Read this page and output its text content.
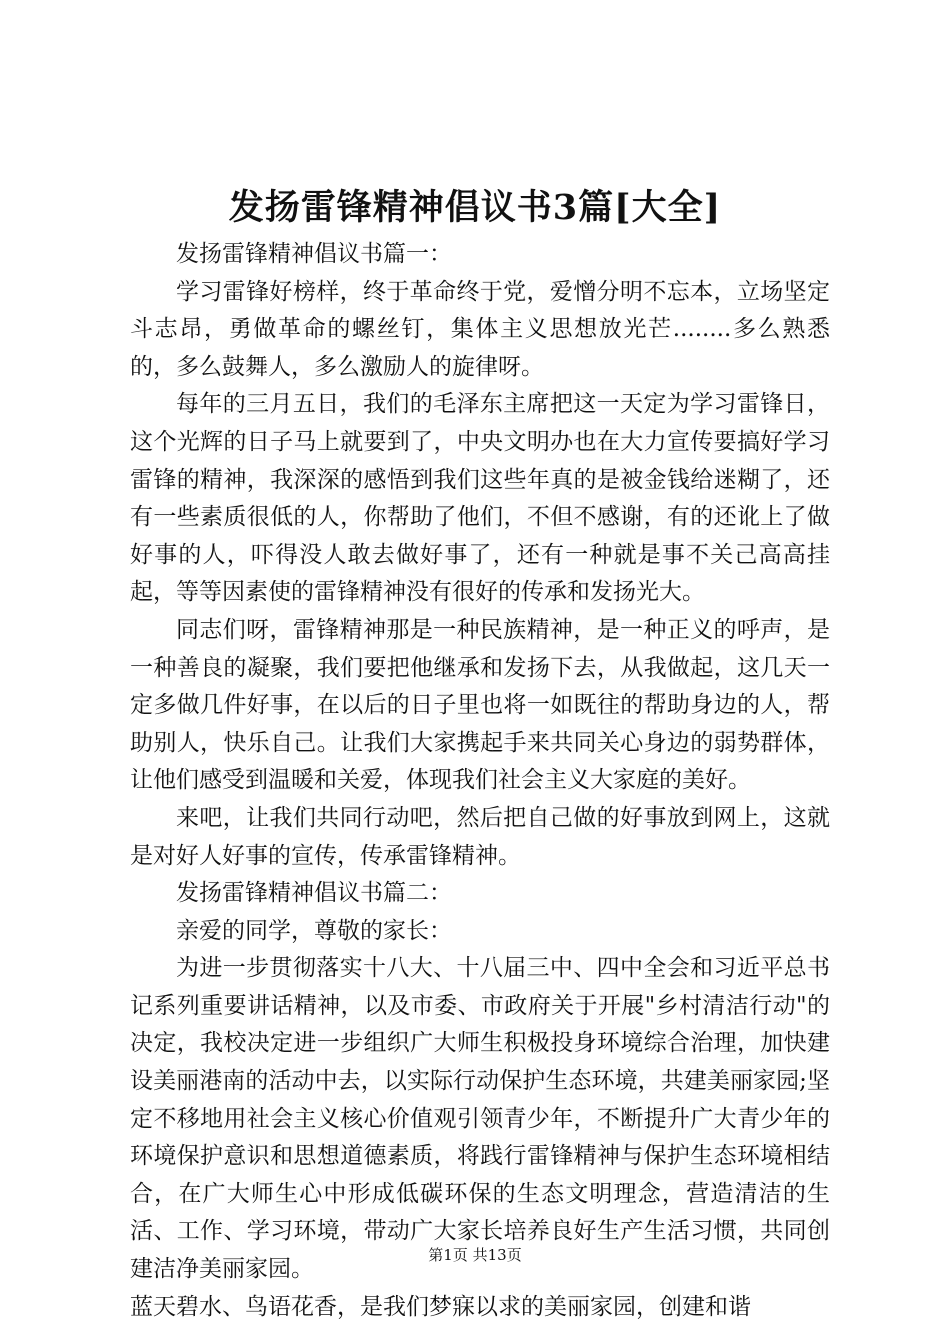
发扬雷锋精神倡议书3篇[大全]

发扬雷锋精神倡议书篇一：

学习雷锋好榜样，终于革命终于党，爱憎分明不忘本，立场坚定斗志昂，勇做革命的螺丝钉，集体主义思想放光芒........多么熟悉的，多么鼓舞人，多么激励人的旋律呀。

每年的三月五日，我们的毛泽东主席把这一天定为学习雷锋日，这个光辉的日子马上就要到了，中央文明办也在大力宣传要搞好学习雷锋的精神，我深深的感悟到我们这些年真的是被金钱给迷糊了，还有一些素质很低的人，你帮助了他们，不但不感谢，有的还讹上了做好事的人，吓得没人敢去做好事了，还有一种就是事不关己高高挂起，等等因素使的雷锋精神没有很好的传承和发扬光大。

同志们呀，雷锋精神那是一种民族精神，是一种正义的呼声，是一种善良的凝聚，我们要把他继承和发扬下去，从我做起，这几天一定多做几件好事，在以后的日子里也将一如既往的帮助身边的人，帮助别人，快乐自己。让我们大家携起手来共同关心身边的弱势群体，让他们感受到温暖和关爱，体现我们社会主义大家庭的美好。

来吧，让我们共同行动吧，然后把自己做的好事放到网上，这就是对好人好事的宣传，传承雷锋精神。

发扬雷锋精神倡议书篇二：

亲爱的同学，尊敬的家长：

为进一步贯彻落实十八大、十八届三中、四中全会和习近平总书记系列重要讲话精神，以及市委、市政府关于开展"乡村清洁行动"的决定，我校决定进一步组织广大师生积极投身环境综合治理，加快建设美丽港南的活动中去，以实际行动保护生态环境，共建美丽家园;坚定不移地用社会主义核心价值观引领青少年，不断提升广大青少年的环境保护意识和思想道德素质，将践行雷锋精神与保护生态环境相结合，在广大师生心中形成低碳环保的生态文明理念，营造清洁的生活、工作、学习环境，带动广大家长培养良好生产生活习惯，共同创建洁净美丽家园。

蓝天碧水、鸟语花香，是我们梦寐以求的美丽家园，创建和谐

第1页 共13页
